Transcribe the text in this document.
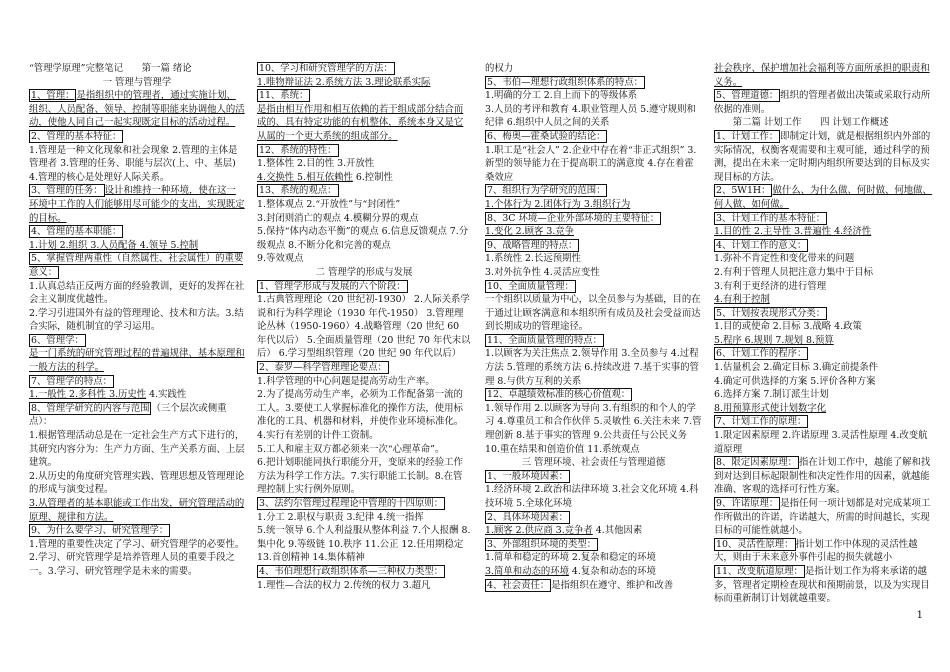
“管理学原理”完整笔记　　第一篇 绪论

一 管理与管理学

1、管理： 是指组织中的管理者，通过实施计划、组织、人员配备、领导、控制等职能来协调他人的活动，使他人同自己一起实现既定目标的活动过程。

2、管理的基本特征：

1.管理是一种文化现象和社会现象 2.管理的主体是管理者 3.管理的任务、职能与层次(上、中、基层) 4.管理的核心是处理好人际关系。

3、管理的任务： 设计和维持一种环境，使在这一环境中工作的人们能够用尽可能少的支出，实现既定的目标。

4、管理的基本职能：

1.计划 2.组织 3.人员配备 4.领导 5.控制

5、掌握管理两重性（自然属性、社会属性）的重要意义：

1.认真总结正反两方面的经验教训，更好的发挥在社会主义制度优越性。

2.学习引进国外有益的管理理论、技术和方法。3.结合实际，随机制宜的学习运用。

6、管理学：

是一门系统的研究管理过程的普遍规律、基本原理和一般方法的科学。

7、管理学的特点：

1.一般性 2.多科性 3.历史性 4.实践性

8、管理学研究的内容与范围 （三个层次或侧重点）：

1.根据管理活动总是在一定社会生产方式下进行的，其研究内容分为：生产力方面、生产关系方面、上层建筑。

2.从历史的角度研究管理实践、管理思想及管理理论的形成与演变过程。

3.从管理者的基本职能或工作出发，研究管理活动的原理、规律和方法。

9、为什么要学习、研究管理学：

1.管理的重要性决定了学习、研究管理学的必要性。2.学习、研究管理学是培养管理人员的重要手段之一。3.学习、研究管理学是未来的需要。

10、学习和研究管理学的方法：

1.唯物辩证法 2.系统方法 3.理论联系实际

11、系统：

是指由相互作用和相互依赖的若干组成部分结合而成的、具有特定功能的有机整体，系统本身又是它从属的一个更大系统的组成部分。

12、系统的特性：

1.整体性 2.目的性 3.开放性

4.交换性 5.相互依赖性 6.控制性

13、系统的观点：

1.整体观点 2.“开放性”与“封闭性”

3.封闭则消亡的观点 4.模糊分界的观点

5.保持“体内动态平衡”的观点 6.信息反馈观点 7.分级观点 8.不断分化和完善的观点

9.等效观点

二 管理学的形成与发展

1、管理学形成与发展的六个阶段：

1.古典管理理论（20 世纪初-1930） 2.人际关系学说和行为科学理论（1930 年代-1950） 3.管理理论丛林（1950-1960）4.战略管理（20 世纪 60 年代以后） 5.全面质量管理（20 世纪 70 年代末以后） 6.学习型组织管理（20 世纪 90 年代以后）

2、泰罗—科学管理理论要点：

1.科学管理的中心问题是提高劳动生产率。

2.为了提高劳动生产率，必须为工作配备第一流的工人。3.要使工人掌握标准化的操作方法，使用标准化的工具、机器和材料，并使作业环境标准化。4.实行有差别的计件工资制。

5.工人和雇主双方都必须来一次“心理革命”。

6.把计划职能同执行职能分开，变原来的经验工作方法为科学工作方法。7.实行职能工长制。8.在管理控制上实行例外原则。

3、法约尔管理过程理论中管理的十四原则：

1.分工 2.职权与职责 3.纪律 4.统一指挥

5.统一领导 6.个人利益服从整体利益 7.个人报酬 8.集中化 9.等级链 10.秩序 11.公正 12.任用期稳定 13.首创精神 14.集体精神

4、韦伯理想行政组织体系—三种权力类型：

1.理性—合法的权力 2.传统的权力 3.超凡

的权力

5、韦伯—理想行政组织体系的特点：

1.明确的分工 2.自上而下的等级体系

3.人员的考评和教育 4.职业管理人员 5.遵守规则和纪律 6.组织中人员之间的关系

6、梅奥—霍桑试验的结论：

1.职工是“社会人” 2.企业中存在着“非正式组织” 3.新型的领导能力在于提高职工的满意度 4.存在着霍桑效应

7、组织行为学研究的范围：

1.个体行为 2.团体行为 3.组织行为

8、3C 环境—企业外部环境的主要特征：

1.变化 2.顾客 3.竞争

9、战略管理的特点：

1.系统性 2.长远预期性

3.对外抗争性 4.灵活应变性

10、全面质量管理：

一个组织以质量为中心，以全员参与为基础，目的在于通过让顾客满意和本组织所有成员及社会受益而达到长期成功的管理途径。

11、全面质量管理的特点：

1.以顾客为关注焦点 2.领导作用 3.全员参与 4.过程方法 5.管理的系统方法 6.持续改进 7.基于实事的管理 8.与供方互利的关系

12、卓越绩效标准的核心价值观：

1.领导作用 2.以顾客为导向 3.有组织的和个人的学习 4.尊重员工和合作伙伴 5.灵敏性 6.关注未来 7.管理创新 8.基于事实的管理 9.公共责任与公民义务 10.重在结果和创造价值 11.系统观点

三 管理环境、社会责任与管理道德

1、一般环境因素：

1.经济环境 2.政治和法律环境 3.社会文化环境 4.科技环境 5.全球化环境

2、具体环境因素：

1.顾客 2.供应商 3.竞争者 4.其他因素

3、外部组织环境的类型：

1.简单和稳定的环境 2.复杂和稳定的环境

3.简单和动态的环境 4.复杂和动态的环境

4、社会责任： 是指组织在遵守、维护和改善

社会秩序、保护增加社会福利等方面所承担的职责和义务。

5、管理道德： 组织的管理者做出决策或采取行动所依据的准则。

　　第二篇 计划工作　　四 计划工作概述

1、计划工作： 即制定计划，就是根据组织内外部的实际情况，权衡客观需要和主观可能，通过科学的预测，提出在未来一定时期内组织所要达到的目标及实现目标的方法。

2、5W1H： 做什么、为什么做、何时做、何地做、何人做、如何做。

3、计划工作的基本特征：

1.目的性 2.主导性 3.普遍性 4.经济性

4、计划工作的意义：

1.弥补不肯定性和变化带来的问题

2.有利于管理人员把注意力集中于目标

3.有利于更经济的进行管理

4.有利于控制

5、计划按表现形式分类：

1.目的或使命 2.目标 3.战略 4.政策

5.程序 6.规则 7.规划 8.预算

6、计划工作的程序：

1.估量机会 2.确定目标 3.确定前提条件

4.确定可供选择的方案 5.评价各种方案

6.选择方案 7.制订派生计划

8.用预算形式使计划数字化

7、计划工作的原理：

1.限定因素原理 2.许诺原理 3.灵活性原理 4.改变航道原理

8、限定因素原理： 指在计划工作中，越能了解和找到对达到目标起限制性和决定性作用的因素，就越能准确、客观的选择可行性方案。

9、许诺原理： 是指任何一项计划都是对完成某项工作所做出的许诺，许诺越大，所需的时间越长，实现目标的可能性就越小。

10、灵活性原理： 指计划工作中体现的灵活性越大，则由于未来意外事件引起的损失就越小

11、改变航道原理： 是指计划工作为将来承诺的越多，管理者定期检查现状和预期前景，以及为实现目标而重新制订计划就越重要。

1
